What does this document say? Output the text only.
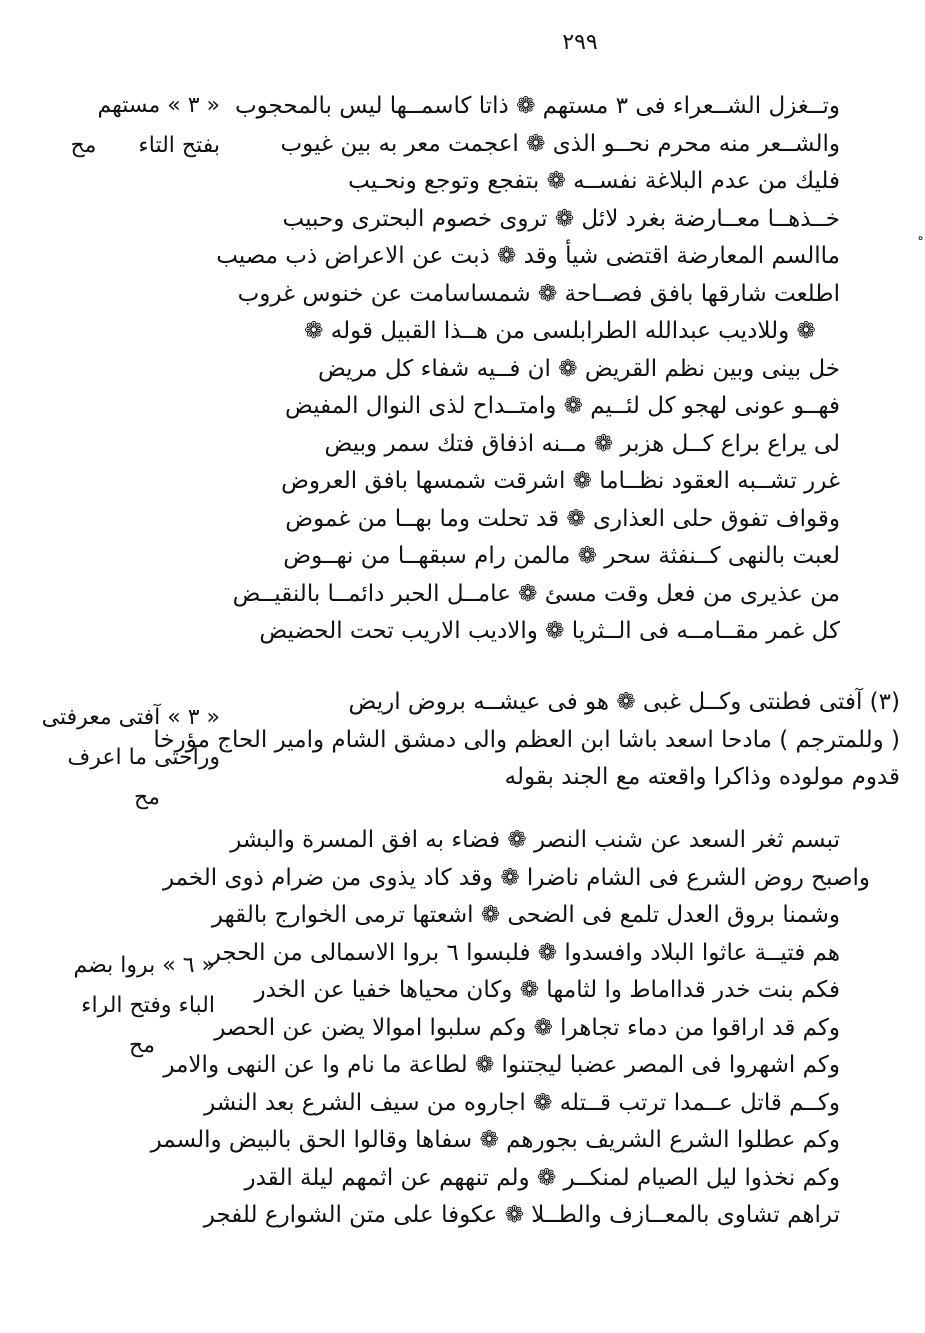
٢٩٩
ه
« ٣ » مستهم
بفتح التاء      مح
« ٣ » آفتى معرفتى
وراحتى ما اعرف
مح
« ٦ » بروا بضم
الباء وفتح الراء
مح
وتــغزل الشــعراء فى ٣ مستهم ❁ ذاتا كاسمــها ليس بالمحجوب
والشــعر منه محرم نحــو الذى ❁ اعجمت معر به بين غيوب
فليك من عدم البلاغة نفســه ❁ بتفجع وتوجع ونحـيب
خــذهــا معــارضة بغرد لائل ❁ تروى خصوم البحترى وحبيب
ماالسم المعارضة اقتضى شيأ وقد ❁ ذبت عن الاعراض ذب مصيب
اطلعت شارقها بافق فصــاحة ❁ شمساسامت عن خنوس غروب
❁ وللاديب عبدالله الطرابلسى من هــذا القبيل قوله ❁
خل بينى وبين نظم القريض ❁ ان فــيه شفاء كل مريض
فهــو عونى لهجو كل لئــيم ❁ وامتــداح لذى النوال المفيض
لى يراع براع كــل هزبر ❁ مــنه اذفاق فتك سمر وبيض
غرر تشــبه العقود نظــاما ❁ اشرقت شمسها بافق العروض
وقواف تفوق حلى العذارى ❁ قد تحلت وما بهــا من غموض
لعبت بالنهى كــنفثة سحر ❁ مالمن رام سبقهــا من نهــوض
من عذيرى من فعل وقت مسئ ❁ عامــل الحبر دائمــا بالنقيــض
كل غمر مقــامــه فى الــثريا ❁ والاديب الاريب تحت الحضيض
(٣) آفتى فطنتى وكــل غبى ❁ هو فى عيشــه بروض اريض
( وللمترجم ) مادحا اسعد باشا ابن العظم والى دمشق الشام وامير الحاج مؤرخا
قدوم مولوده وذاكرا واقعته مع الجند بقوله
تبسم ثغر السعد عن شنب النصر ❁ فضاء به افق المسرة والبشر
واصبح روض الشرع فى الشام ناضرا ❁ وقد كاد يذوى من ضرام ذوى الخمر
وشمنا بروق العدل تلمع فى الضحى ❁ اشعتها ترمى الخوارج بالقهر
هم فتيــة عاثوا البلاد وافسدوا ❁ فلبسوا ٦ بروا الاسمالى من الحجر
فكم بنت خدر قدااماط وا لثامها ❁ وكان محياها خفيا عن الخدر
وكم قد اراقوا من دماء تجاهرا ❁ وكم سلبوا اموالا يضن عن الحصر
وكم اشهروا فى المصر عضبا ليجتنوا ❁ لطاعة ما نام وا عن النهى والامر
وكــم قاتل عــمدا ترتب قــتله ❁ اجاروه من سيف الشرع بعد النشر
وكم عطلوا الشرع الشريف بجورهم ❁ سفاها وقالوا الحق بالبيض والسمر
وكم نخذوا ليل الصيام لمنكــر ❁ ولم تنههم عن اثمهم ليلة القدر
تراهم تشاوى بالمعــازف والطــلا ❁ عكوفا على متن الشوارع للفجر
